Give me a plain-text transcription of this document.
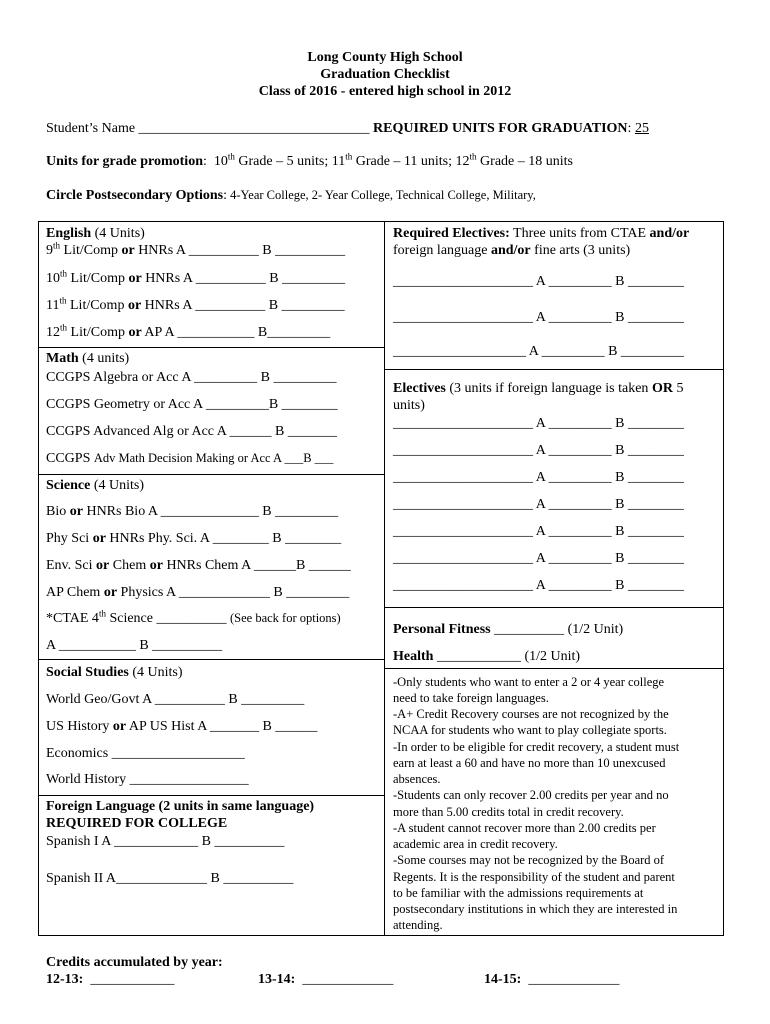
Long County High School
Graduation Checklist
Class of 2016 - entered high school in 2012
Student’s Name _________________________________ REQUIRED UNITS FOR GRADUATION: 25
Units for grade promotion: 10th Grade – 5 units; 11th Grade – 11 units; 12th Grade – 18 units
Circle Postsecondary Options: 4-Year College, 2- Year College, Technical College, Military,
English (4 Units)
9th Lit/Comp or HNRs A __________ B __________
10th Lit/Comp or HNRs A __________ B _________
11th Lit/Comp or HNRs A __________ B _________
12th Lit/Comp or AP A ___________ B_________
Math (4 units)
CCGPS Algebra or Acc A _________ B _________
CCGPS Geometry or Acc A _________B ________
CCGPS Advanced Alg or Acc A ______ B _______
CCGPS Adv Math Decision Making or Acc A ___B ___
Science (4 Units)
Bio or HNRs Bio A ______________ B _________
Phy Sci or HNRs Phy. Sci. A ________ B ________
Env. Sci or Chem or HNRs Chem A ______B ______
AP Chem or Physics A _____________ B _________
*CTAE 4th Science __________ (See back for options)
A ___________ B __________
Social Studies (4 Units)
World Geo/Govt A __________ B _________
US History or AP US Hist A _______ B ______
Economics ___________________
World History _________________
Foreign Language (2 units in same language)
REQUIRED FOR COLLEGE
Spanish I A ____________ B __________
Spanish II A_____________ B __________
Required Electives: Three units from CTAE and/or
foreign language and/or fine arts (3 units)
____________________ A _________ B ________
____________________ A _________ B ________
___________________ A _________ B _________
Electives (3 units if foreign language is taken OR 5
units)
____________________ A _________ B ________
____________________ A _________ B ________
____________________ A _________ B ________
____________________ A _________ B ________
____________________ A _________ B ________
____________________ A _________ B ________
____________________ A _________ B ________
Personal Fitness __________ (1/2 Unit)
Health ____________ (1/2 Unit)
-Only students who want to enter a 2 or 4 year college
need to take foreign languages.
-A+ Credit Recovery courses are not recognized by the
NCAA for students who want to play collegiate sports.
-In order to be eligible for credit recovery, a student must
earn at least a 60 and have no more than 10 unexcused
absences.
-Students can only recover 2.00 credits per year and no
more than 5.00 credits total in credit recovery.
-A student cannot recover more than 2.00 credits per
academic area in credit recovery.
-Some courses may not be recognized by the Board of
Regents. It is the responsibility of the student and parent
to be familiar with the admissions requirements at
postsecondary institutions in which they are interested in
attending.
Credits accumulated by year:
12-13: ____________	13-14: _____________	14-15: _____________
